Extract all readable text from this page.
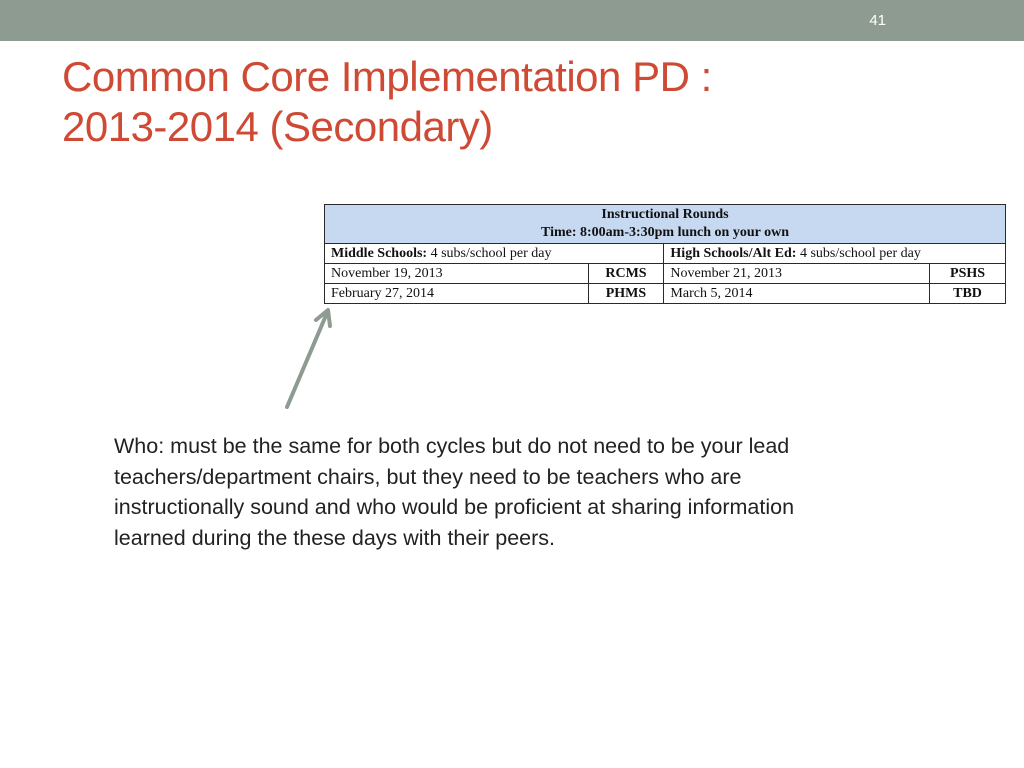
41
Common Core Implementation PD :
2013-2014 (Secondary)
Instructional Rounds
Time: 8:00am-3:30pm lunch on your own			

Middle Schools: 4 subs/school per day		High Schools/Alt Ed: 4 subs/school per day	
November 19, 2013	RCMS	November 21, 2013	PSHS
February 27, 2014	PHMS	March 5, 2014	TBD
Who: must be the same for both cycles but do not need to be your lead
teachers/department chairs, but they need to be teachers who are
instructionally sound and who would be proficient at sharing information
learned during the these days with their peers.
